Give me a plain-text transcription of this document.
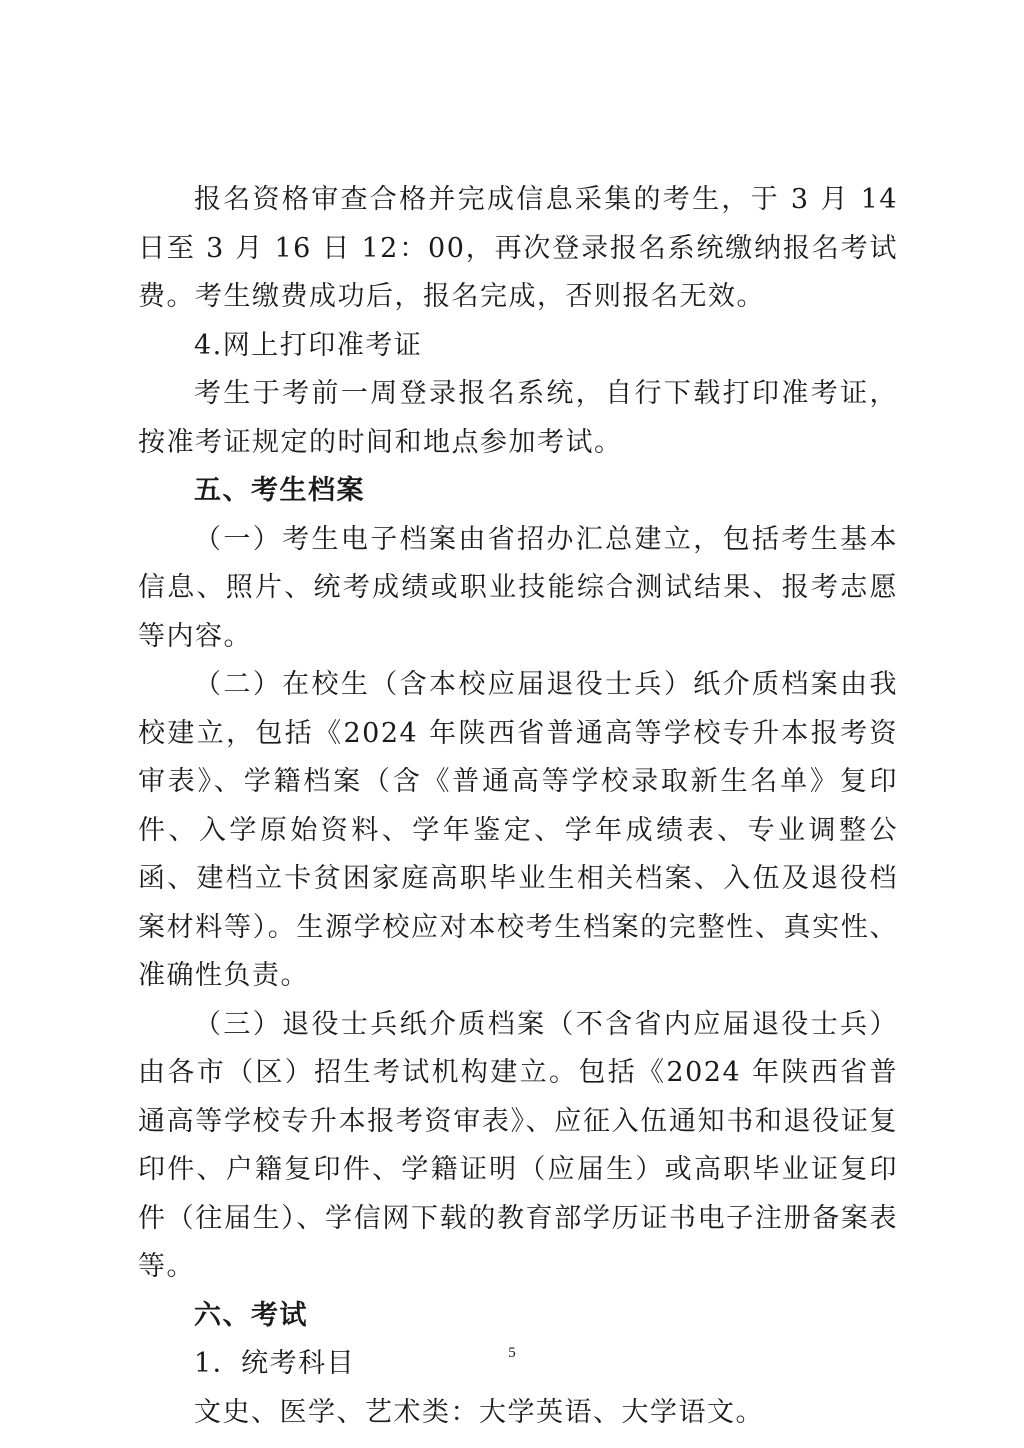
报名资格审查合格并完成信息采集的考生，于 3 月 14 日至 3 月 16 日 12：00，再次登录报名系统缴纳报名考试费。考生缴费成功后，报名完成，否则报名无效。

4.网上打印准考证

考生于考前一周登录报名系统，自行下载打印准考证，按准考证规定的时间和地点参加考试。

五、考生档案

（一）考生电子档案由省招办汇总建立，包括考生基本信息、照片、统考成绩或职业技能综合测试结果、报考志愿等内容。

（二）在校生（含本校应届退役士兵）纸介质档案由我校建立，包括《2024 年陕西省普通高等学校专升本报考资审表》、学籍档案（含《普通高等学校录取新生名单》复印件、入学原始资料、学年鉴定、学年成绩表、专业调整公函、建档立卡贫困家庭高职毕业生相关档案、入伍及退役档案材料等）。生源学校应对本校考生档案的完整性、真实性、准确性负责。

（三）退役士兵纸介质档案（不含省内应届退役士兵）由各市（区）招生考试机构建立。包括《2024 年陕西省普通高等学校专升本报考资审表》、应征入伍通知书和退役证复印件、户籍复印件、学籍证明（应届生）或高职毕业证复印件（往届生）、学信网下载的教育部学历证书电子注册备案表等。

六、考试

1．统考科目

文史、医学、艺术类：大学英语、大学语文。

5
